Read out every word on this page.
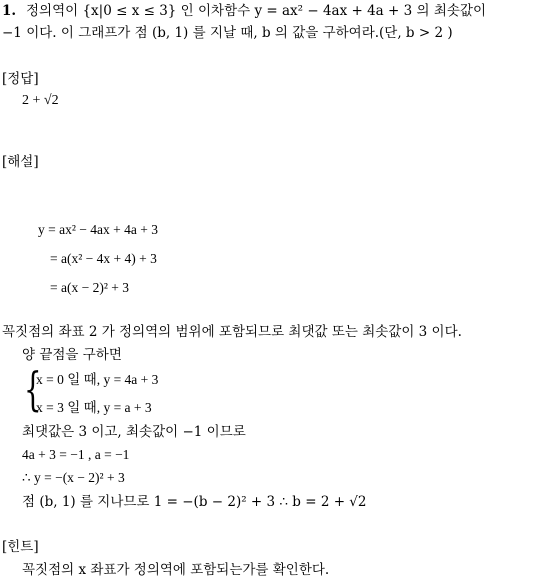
1. 정의역이 {x|0 ≤ x ≤ 3} 인 이차함수 y = ax² − 4ax + 4a + 3 의 최솟값이
−1 이다. 이 그래프가 점 (b, 1) 를 지날 때, b 의 값을 구하여라.(단, b > 2 )
[정답]
2 + √2
[해설]
y = ax² − 4ax + 4a + 3
= a(x² − 4x + 4) + 3
= a(x − 2)² + 3
꼭짓점의 좌표 2 가 정의역의 범위에 포함되므로 최댓값 또는 최솟값이 3 이다.
양 끝점을 구하면
{
x = 0 일 때, y = 4a + 3
x = 3 일 때, y = a + 3
최댓값은 3 이고, 최솟값이 −1 이므로
4a + 3 = −1 , a = −1
∴ y = −(x − 2)² + 3
점 (b, 1) 를 지나므로 1 = −(b − 2)² + 3 ∴ b = 2 + √2
[힌트]
꼭짓점의 x 좌표가 정의역에 포함되는가를 확인한다.
